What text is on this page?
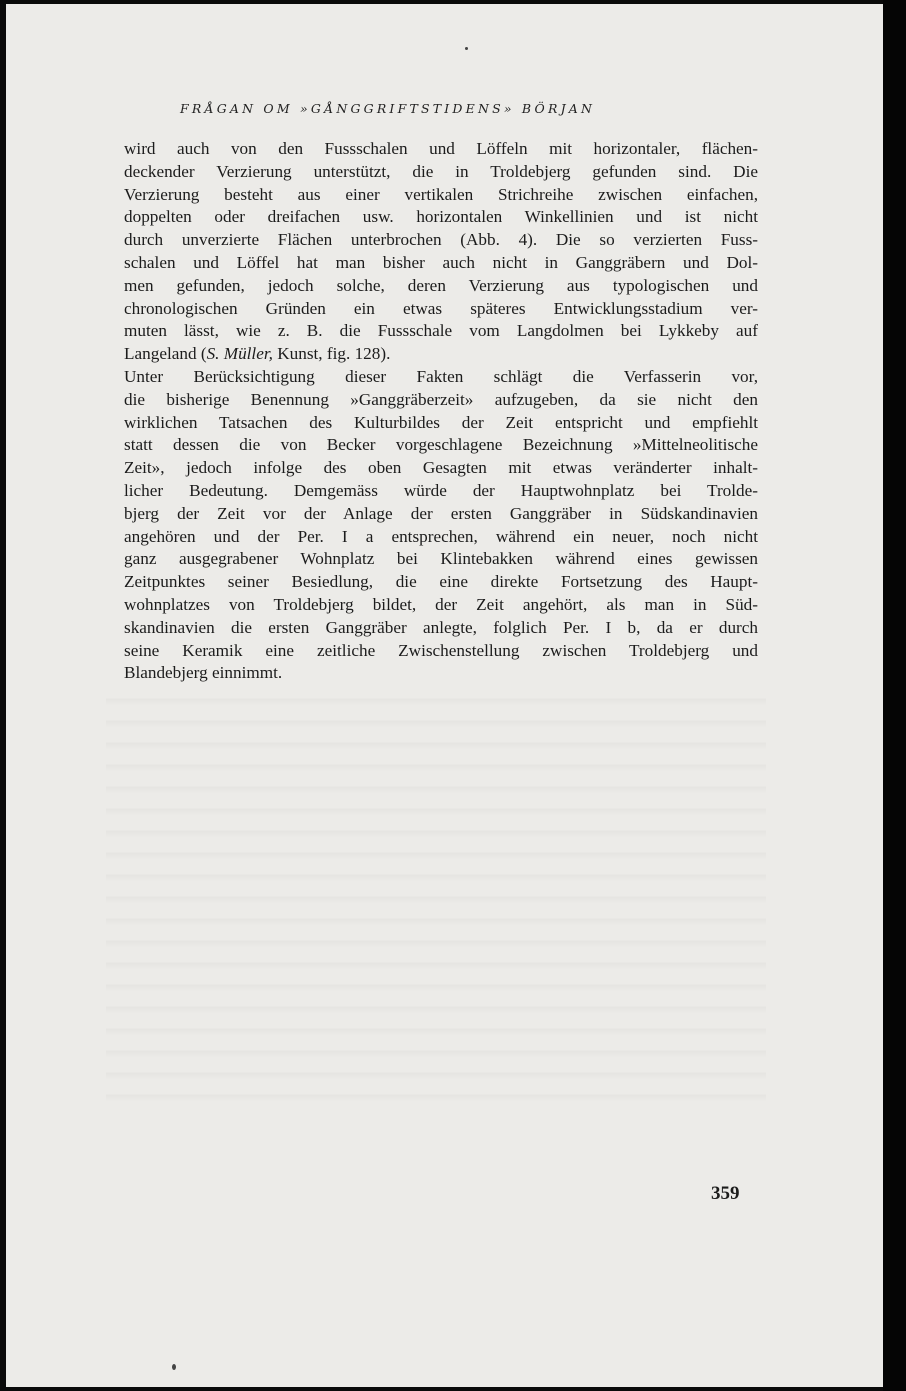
FRÅGAN OM »GÅNGGRIFTSTIDENS» BÖRJAN
wird auch von den Fussschalen und Löffeln mit horizontaler, flächen-
deckender Verzierung unterstützt, die in Troldebjerg gefunden sind. Die
Verzierung besteht aus einer vertikalen Strichreihe zwischen einfachen,
doppelten oder dreifachen usw. horizontalen Winkellinien und ist nicht
durch unverzierte Flächen unterbrochen (Abb. 4). Die so verzierten Fuss-
schalen und Löffel hat man bisher auch nicht in Ganggräbern und Dol-
men gefunden, jedoch solche, deren Verzierung aus typologischen und
chronologischen Gründen ein etwas späteres Entwicklungsstadium ver-
muten lässt, wie z. B. die Fussschale vom Langdolmen bei Lykkeby auf
Langeland (S. Müller, Kunst, fig. 128).
Unter Berücksichtigung dieser Fakten schlägt die Verfasserin vor,
die bisherige Benennung »Ganggräberzeit» aufzugeben, da sie nicht den
wirklichen Tatsachen des Kulturbildes der Zeit entspricht und empfiehlt
statt dessen die von Becker vorgeschlagene Bezeichnung »Mittelneolitische
Zeit», jedoch infolge des oben Gesagten mit etwas veränderter inhalt-
licher Bedeutung. Demgemäss würde der Hauptwohnplatz bei Trolde-
bjerg der Zeit vor der Anlage der ersten Ganggräber in Südskandinavien
angehören und der Per. I a entsprechen, während ein neuer, noch nicht
ganz ausgegrabener Wohnplatz bei Klintebakken während eines gewissen
Zeitpunktes seiner Besiedlung, die eine direkte Fortsetzung des Haupt-
wohnplatzes von Troldebjerg bildet, der Zeit angehört, als man in Süd-
skandinavien die ersten Ganggräber anlegte, folglich Per. I b, da er durch
seine Keramik eine zeitliche Zwischenstellung zwischen Troldebjerg und
Blandebjerg einnimmt.
359
